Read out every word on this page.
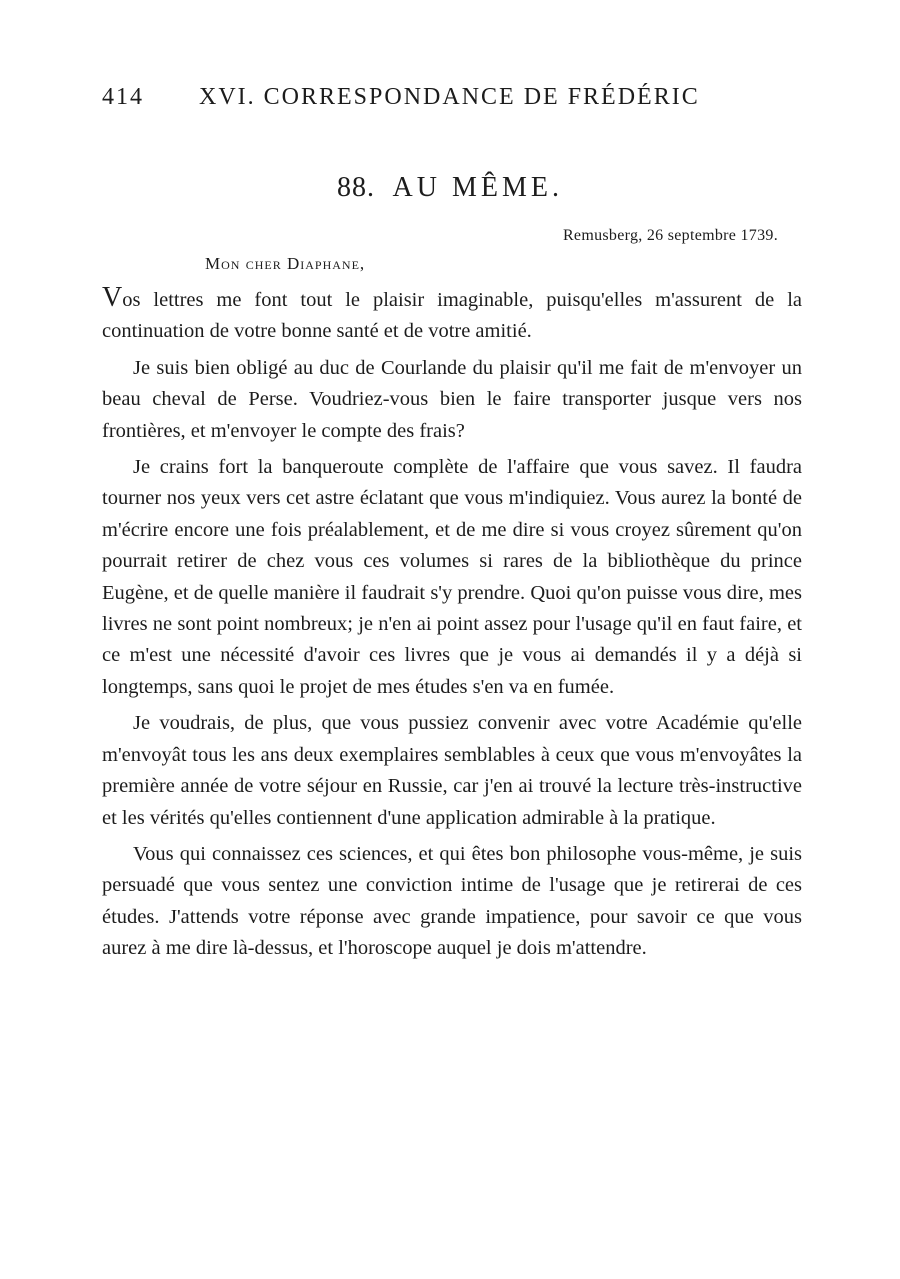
414 XVI. CORRESPONDANCE DE FRÉDÉRIC
88. AU MÊME.
Remusberg, 26 septembre 1739.
Mon cher Diaphane,

Vos lettres me font tout le plaisir imaginable, puisqu'elles m'assurent de la continuation de votre bonne santé et de votre amitié.

Je suis bien obligé au duc de Courlande du plaisir qu'il me fait de m'envoyer un beau cheval de Perse. Voudriez-vous bien le faire transporter jusque vers nos frontières, et m'envoyer le compte des frais?

Je crains fort la banqueroute complète de l'affaire que vous savez. Il faudra tourner nos yeux vers cet astre éclatant que vous m'indiquiez. Vous aurez la bonté de m'écrire encore une fois préalablement, et de me dire si vous croyez sûrement qu'on pourrait retirer de chez vous ces volumes si rares de la bibliothèque du prince Eugène, et de quelle manière il faudrait s'y prendre. Quoi qu'on puisse vous dire, mes livres ne sont point nombreux; je n'en ai point assez pour l'usage qu'il en faut faire, et ce m'est une nécessité d'avoir ces livres que je vous ai demandés il y a déjà si longtemps, sans quoi le projet de mes études s'en va en fumée.

Je voudrais, de plus, que vous pussiez convenir avec votre Académie qu'elle m'envoyât tous les ans deux exemplaires semblables à ceux que vous m'envoyâtes la première année de votre séjour en Russie, car j'en ai trouvé la lecture très-instructive et les vérités qu'elles contiennent d'une application admirable à la pratique.

Vous qui connaissez ces sciences, et qui êtes bon philosophe vous-même, je suis persuadé que vous sentez une conviction intime de l'usage que je retirerai de ces études. J'attends votre réponse avec grande impatience, pour savoir ce que vous aurez à me dire là-dessus, et l'horoscope auquel je dois m'attendre.
